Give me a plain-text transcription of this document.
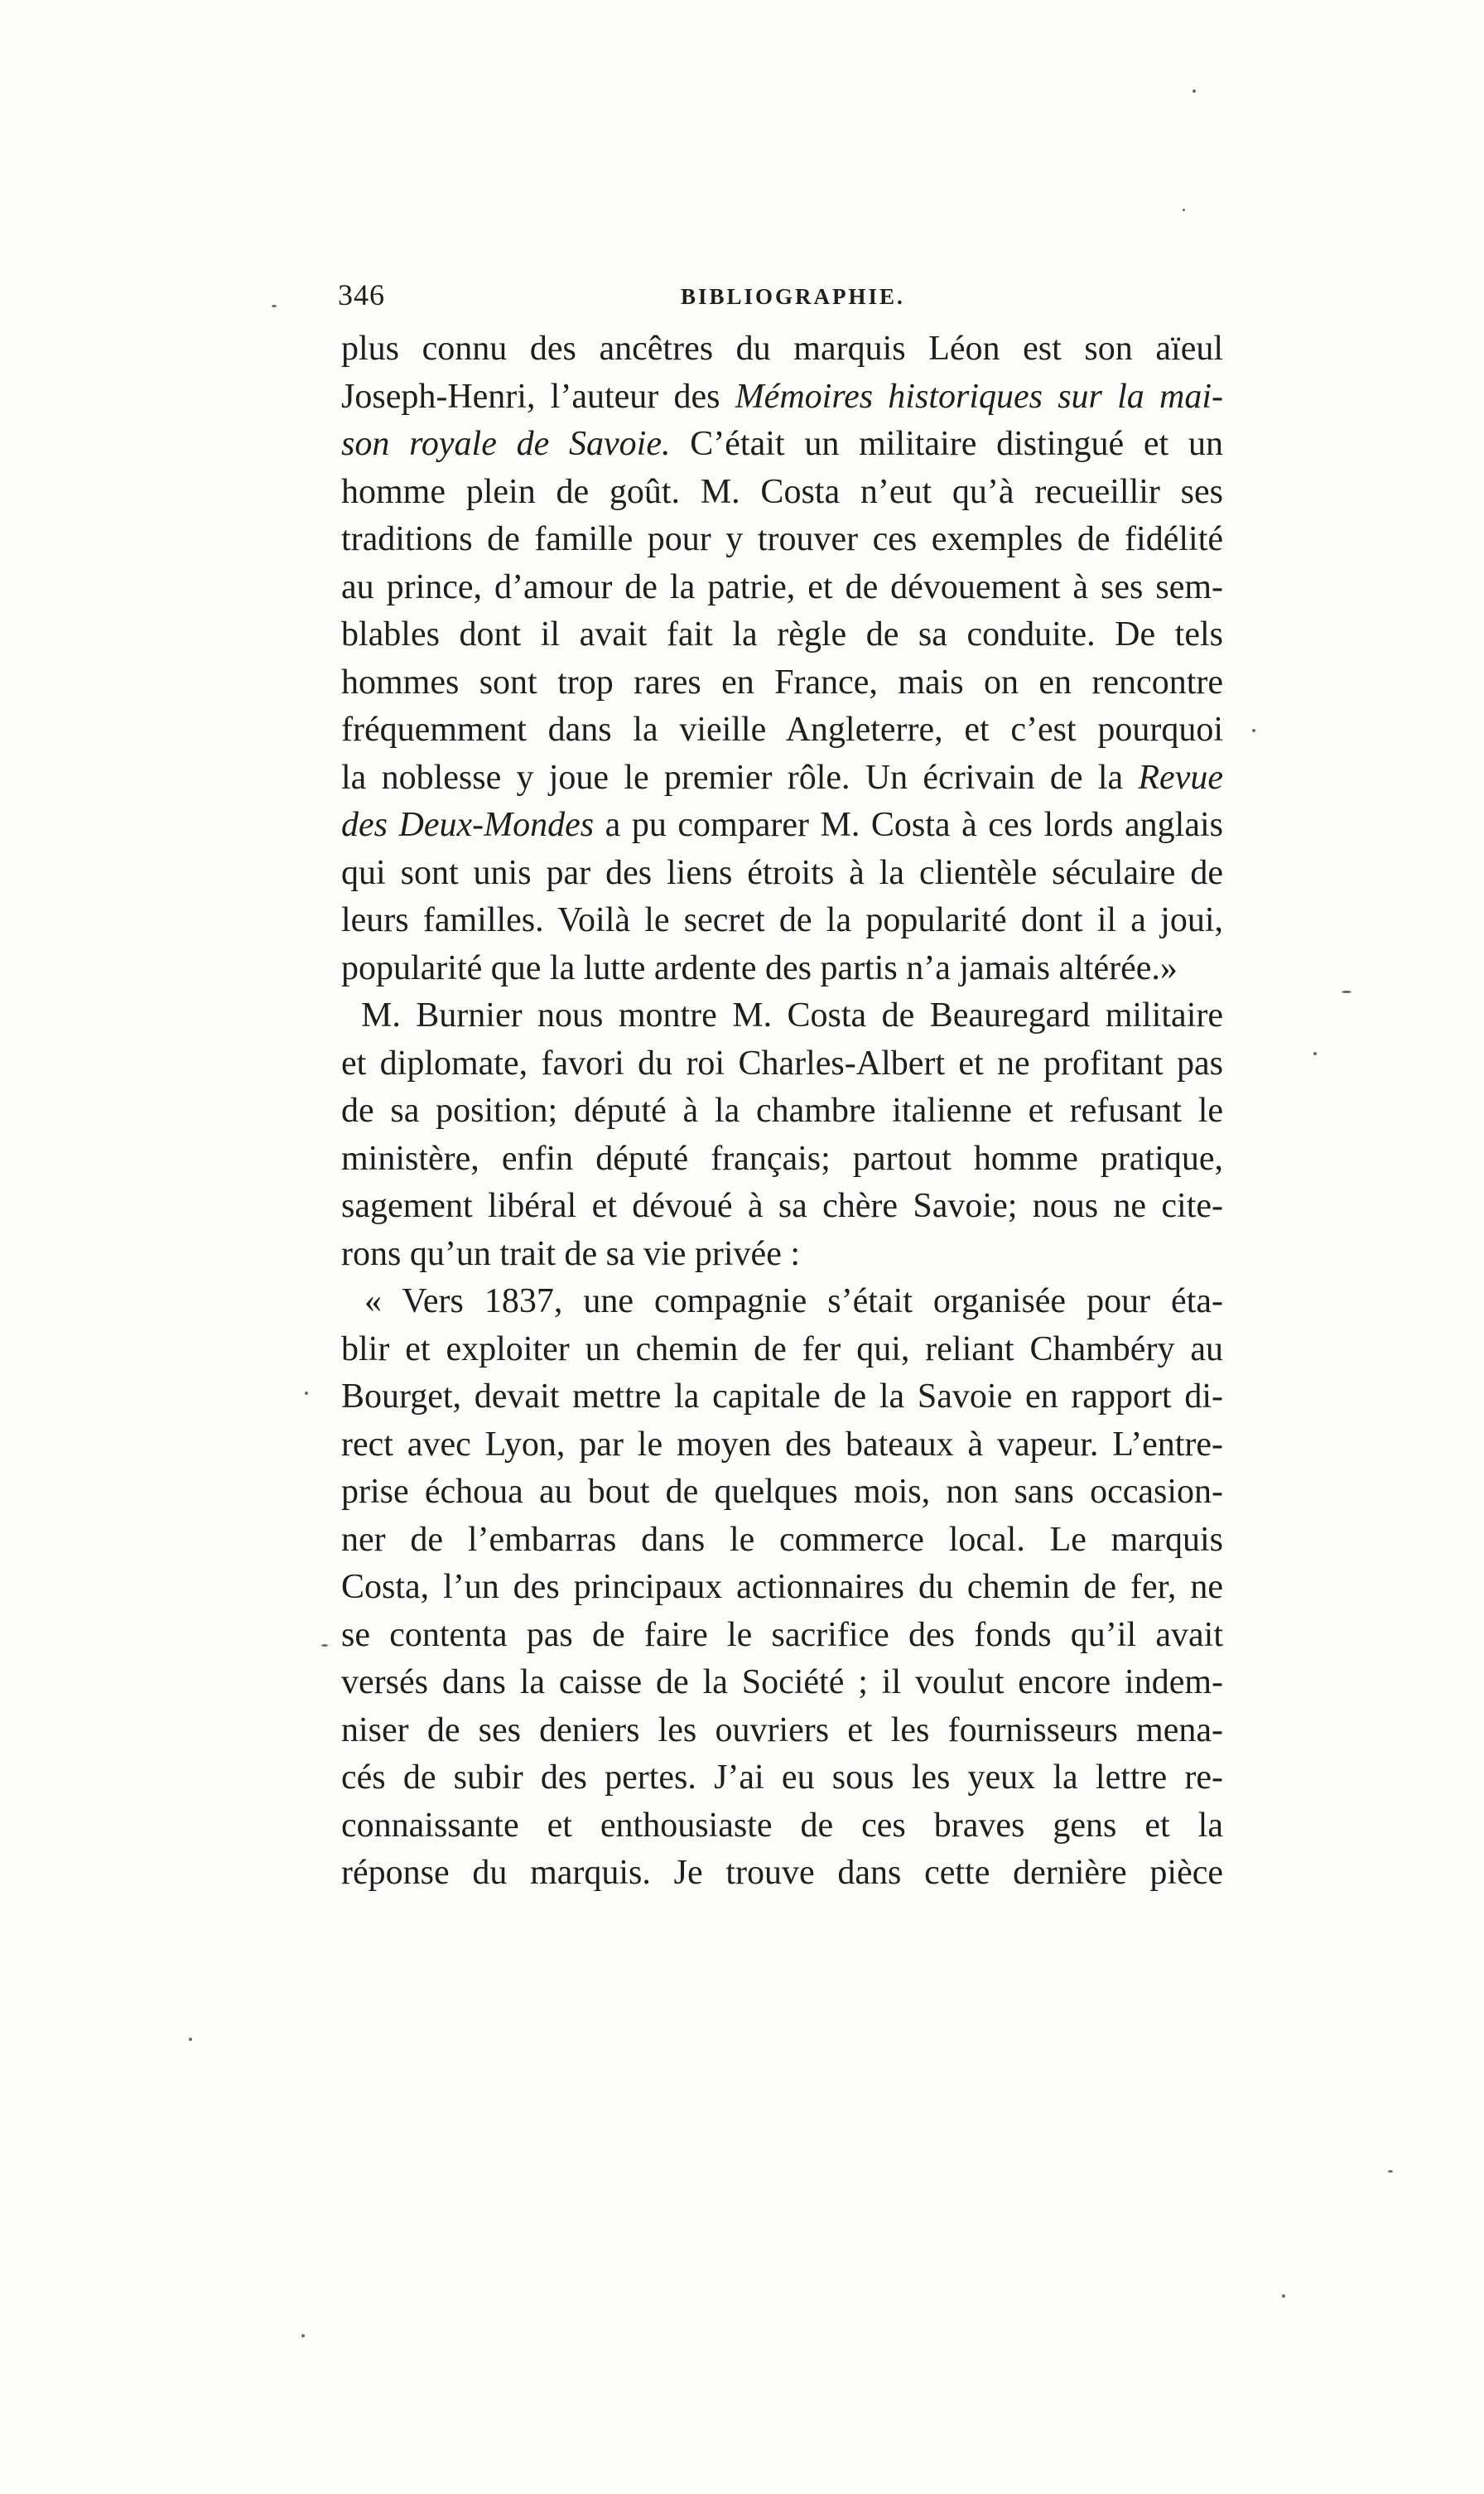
346	BIBLIOGRAPHIE.
plus connu des ancêtres du marquis Léon est son aïeul
Joseph-Henri, l’auteur des Mémoires historiques sur la mai-
son royale de Savoie. C’était un militaire distingué et un
homme plein de goût. M. Costa n’eut qu’à recueillir ses
traditions de famille pour y trouver ces exemples de fidélité
au prince, d’amour de la patrie, et de dévouement à ses sem-
blables dont il avait fait la règle de sa conduite. De tels
hommes sont trop rares en France, mais on en rencontre
fréquemment dans la vieille Angleterre, et c’est pourquoi
la noblesse y joue le premier rôle. Un écrivain de la Revue
des Deux-Mondes a pu comparer M. Costa à ces lords anglais
qui sont unis par des liens étroits à la clientèle séculaire de
leurs familles. Voilà le secret de la popularité dont il a joui,
popularité que la lutte ardente des partis n’a jamais altérée.»
M. Burnier nous montre M. Costa de Beauregard militaire
et diplomate, favori du roi Charles-Albert et ne profitant pas
de sa position; député à la chambre italienne et refusant le
ministère, enfin député français; partout homme pratique,
sagement libéral et dévoué à sa chère Savoie; nous ne cite-
rons qu’un trait de sa vie privée :
« Vers 1837, une compagnie s’était organisée pour éta-
blir et exploiter un chemin de fer qui, reliant Chambéry au
Bourget, devait mettre la capitale de la Savoie en rapport di-
rect avec Lyon, par le moyen des bateaux à vapeur. L’entre-
prise échoua au bout de quelques mois, non sans occasion-
ner de l’embarras dans le commerce local. Le marquis
Costa, l’un des principaux actionnaires du chemin de fer, ne
se contenta pas de faire le sacrifice des fonds qu’il avait
versés dans la caisse de la Société ; il voulut encore indem-
niser de ses deniers les ouvriers et les fournisseurs mena-
cés de subir des pertes. J’ai eu sous les yeux la lettre re-
connaissante et enthousiaste de ces braves gens et la
réponse du marquis. Je trouve dans cette dernière pièce
